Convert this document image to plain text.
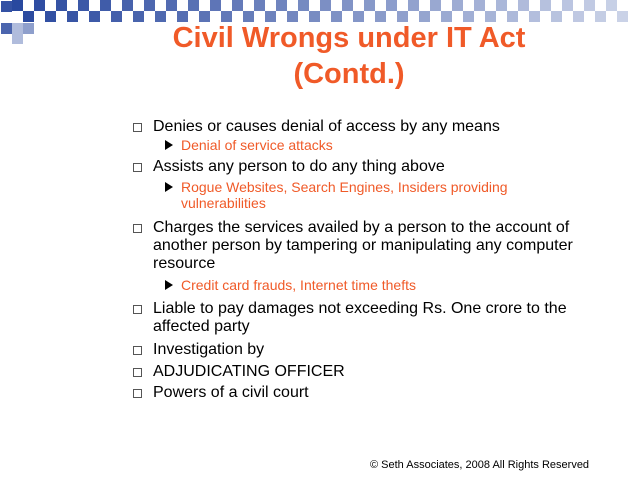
Civil Wrongs under IT Act
(Contd.)
Denies or causes denial of access by any means
Denial of service attacks
Assists any person to do any thing above
Rogue Websites, Search Engines, Insiders providing
vulnerabilities
Charges the services availed by a person to the account of
another person by tampering or manipulating any computer
resource
Credit card frauds, Internet time thefts
Liable to pay damages not exceeding Rs. One crore to the
affected party
Investigation by
ADJUDICATING OFFICER
Powers of a civil court
© Seth Associates, 2008 All Rights Reserved
